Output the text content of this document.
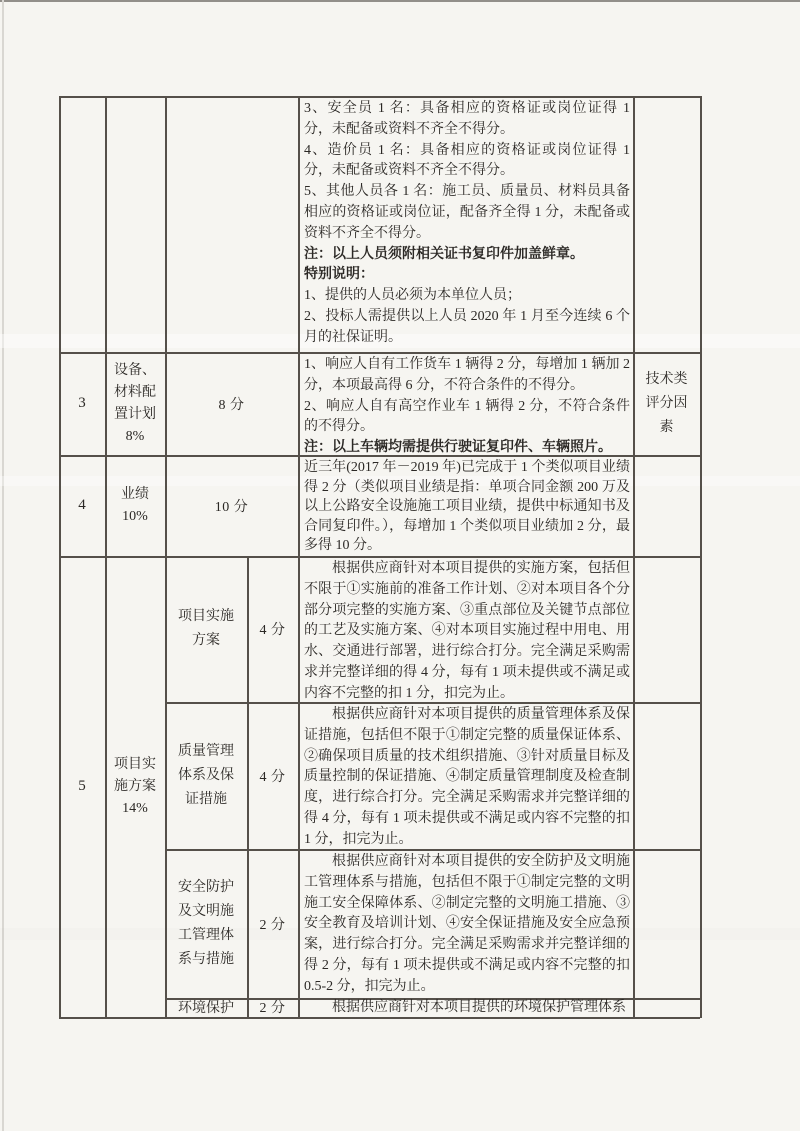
3、安全员 1 名：具备相应的资格证或岗位证得 1 分，未配备或资料不齐全不得分。

4、造价员 1 名：具备相应的资格证或岗位证得 1 分，未配备或资料不齐全不得分。

5、其他人员各 1 名：施工员、质量员、材料员具备相应的资格证或岗位证，配备齐全得 1 分，未配备或资料不齐全不得分。

注：以上人员须附相关证书复印件加盖鲜章。

特别说明：

1、提供的人员必须为本单位人员；

2、投标人需提供以上人员 2020 年 1 月至今连续 6 个月的社保证明。

3
设备、材料配置计划
8%
8 分

1、响应人自有工作货车 1 辆得 2 分，每增加 1 辆加 2 分，本项最高得 6 分，不符合条件的不得分。

2、响应人自有高空作业车 1 辆得 2 分，不符合条件的不得分。

注：以上车辆均需提供行驶证复印件、车辆照片。

技术类评分因素
4
业绩
10%
10 分

近三年(2017 年－2019 年)已完成于 1 个类似项目业绩得 2 分（类似项目业绩是指：单项合同金额 200 万及以上公路安全设施施工项目业绩，提供中标通知书及合同复印件。），每增加 1 个类似项目业绩加 2 分，最多得 10 分。

5
项目实施方案
14%
项目实施方案
4 分

根据供应商针对本项目提供的实施方案，包括但不限于①实施前的准备工作计划、②对本项目各个分部分项完整的实施方案、③重点部位及关键节点部位的工艺及实施方案、④对本项目实施过程中用电、用水、交通进行部署，进行综合打分。完全满足采购需求并完整详细的得 4 分，每有 1 项未提供或不满足或内容不完整的扣 1 分，扣完为止。

质量管理体系及保证措施
4 分

根据供应商针对本项目提供的质量管理体系及保证措施，包括但不限于①制定完整的质量保证体系、②确保项目质量的技术组织措施、③针对质量目标及质量控制的保证措施、④制定质量管理制度及检查制度，进行综合打分。完全满足采购需求并完整详细的得 4 分，每有 1 项未提供或不满足或内容不完整的扣 1 分，扣完为止。

安全防护及文明施工管理体系与措施
2 分

根据供应商针对本项目提供的安全防护及文明施工管理体系与措施，包括但不限于①制定完整的文明施工安全保障体系、②制定完整的文明施工措施、③安全教育及培训计划、④安全保证措施及安全应急预案，进行综合打分。完全满足采购需求并完整详细的得 2 分，每有 1 项未提供或不满足或内容不完整的扣 0.5-2 分，扣完为止。

环境保护	2 分	根据供应商针对本项目提供的环境保护管理体系
